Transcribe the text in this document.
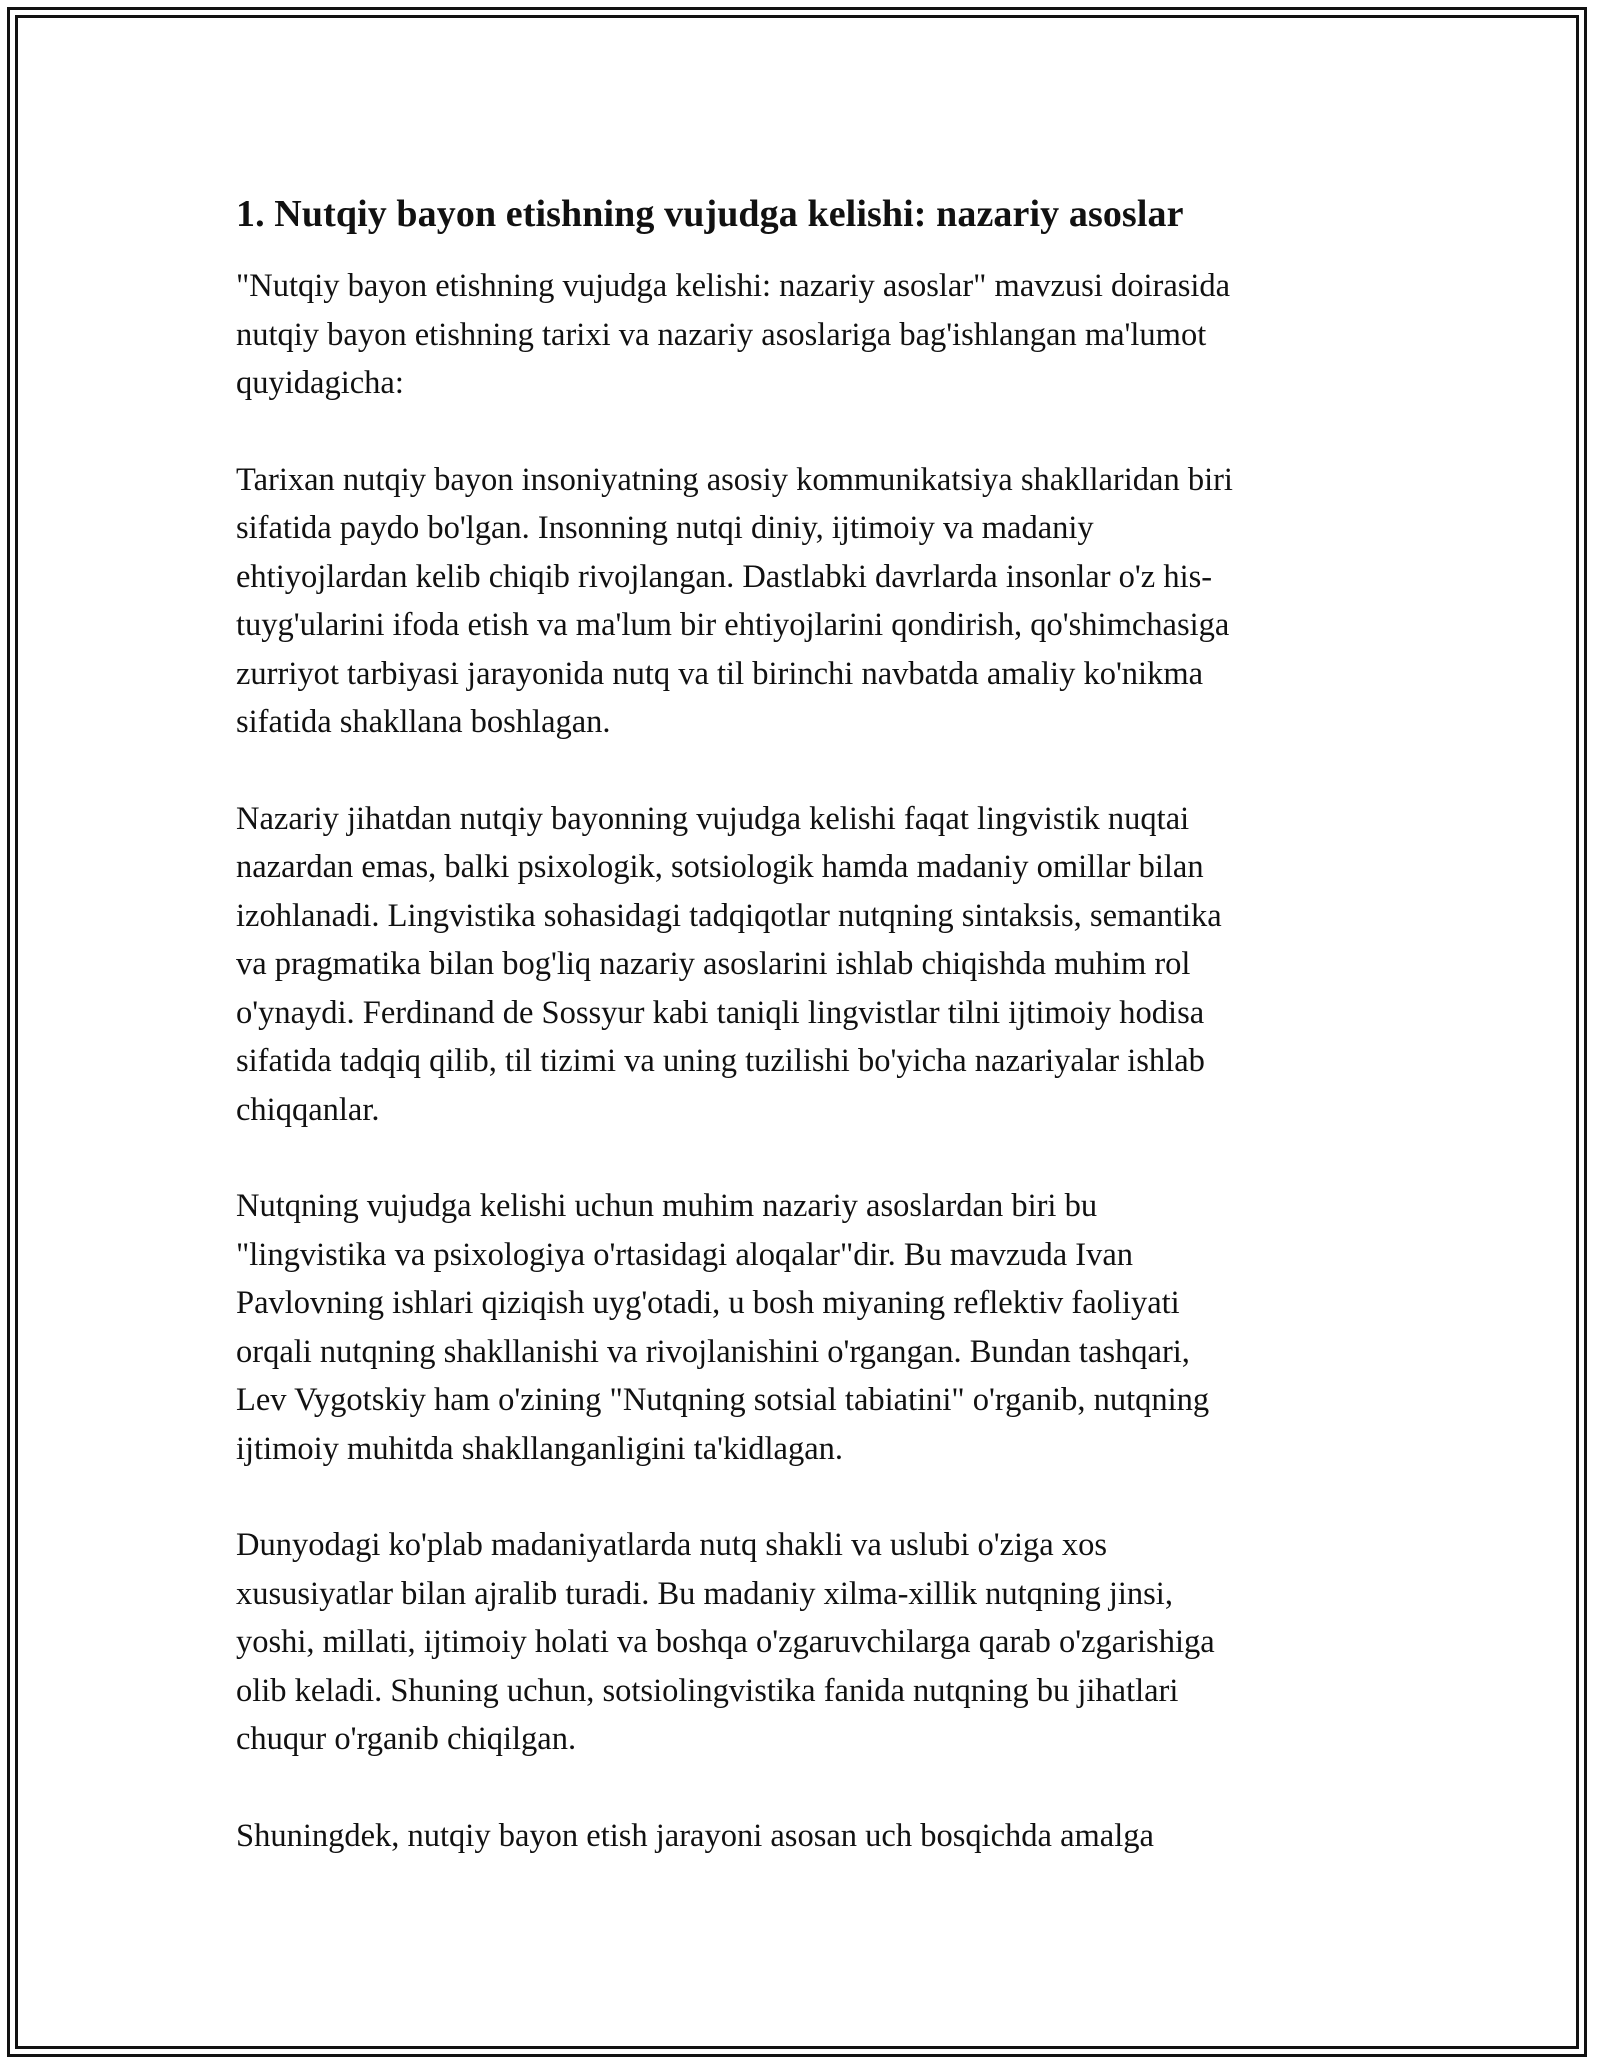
1. Nutqiy bayon etishning vujudga kelishi: nazariy asoslar

"Nutqiy bayon etishning vujudga kelishi: nazariy asoslar" mavzusi doirasida
nutqiy bayon etishning tarixi va nazariy asoslariga bag'ishlangan ma'lumot
quyidagicha:

Tarixan nutqiy bayon insoniyatning asosiy kommunikatsiya shakllaridan biri
sifatida paydo bo'lgan. Insonning nutqi diniy, ijtimoiy va madaniy
ehtiyojlardan kelib chiqib rivojlangan. Dastlabki davrlarda insonlar o'z his-
tuyg'ularini ifoda etish va ma'lum bir ehtiyojlarini qondirish, qo'shimchasiga
zurriyot tarbiyasi jarayonida nutq va til birinchi navbatda amaliy ko'nikma
sifatida shakllana boshlagan.

Nazariy jihatdan nutqiy bayonning vujudga kelishi faqat lingvistik nuqtai
nazardan emas, balki psixologik, sotsiologik hamda madaniy omillar bilan
izohlanadi. Lingvistika sohasidagi tadqiqotlar nutqning sintaksis, semantika
va pragmatika bilan bog'liq nazariy asoslarini ishlab chiqishda muhim rol
o'ynaydi. Ferdinand de Sossyur kabi taniqli lingvistlar tilni ijtimoiy hodisa
sifatida tadqiq qilib, til tizimi va uning tuzilishi bo'yicha nazariyalar ishlab
chiqqanlar.

Nutqning vujudga kelishi uchun muhim nazariy asoslardan biri bu
"lingvistika va psixologiya o'rtasidagi aloqalar"dir. Bu mavzuda Ivan
Pavlovning ishlari qiziqish uyg'otadi, u bosh miyaning reflektiv faoliyati
orqali nutqning shakllanishi va rivojlanishini o'rgangan. Bundan tashqari,
Lev Vygotskiy ham o'zining "Nutqning sotsial tabiatini" o'rganib, nutqning
ijtimoiy muhitda shakllanganligini ta'kidlagan.

Dunyodagi ko'plab madaniyatlarda nutq shakli va uslubi o'ziga xos
xususiyatlar bilan ajralib turadi. Bu madaniy xilma-xillik nutqning jinsi,
yoshi, millati, ijtimoiy holati va boshqa o'zgaruvchilarga qarab o'zgarishiga
olib keladi. Shuning uchun, sotsiolingvistika fanida nutqning bu jihatlari
chuqur o'rganib chiqilgan.

Shuningdek, nutqiy bayon etish jarayoni asosan uch bosqichda amalga
